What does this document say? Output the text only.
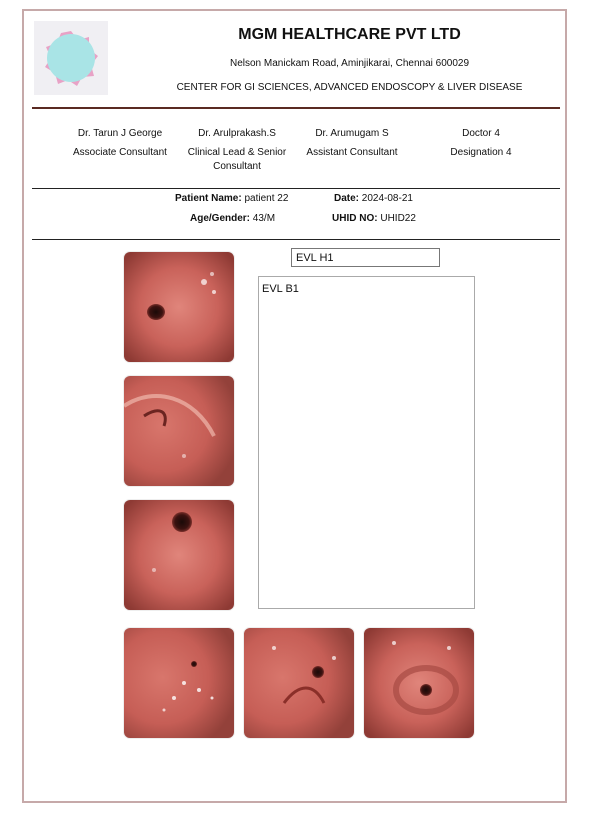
MGM HEALTHCARE PVT LTD
Nelson Manickam Road, Aminjikarai, Chennai 600029
CENTER FOR GI SCIENCES, ADVANCED ENDOSCOPY & LIVER DISEASE
Dr. Tarun J George
Associate Consultant
Dr. Arulprakash.S
Clinical Lead & Senior Consultant
Dr. Arumugam S
Assistant Consultant
Doctor 4
Designation 4
Patient Name: patient 22	Date: 2024-08-21
Age/Gender: 43/M	UHID NO: UHID22
EVL H1
EVL B1
